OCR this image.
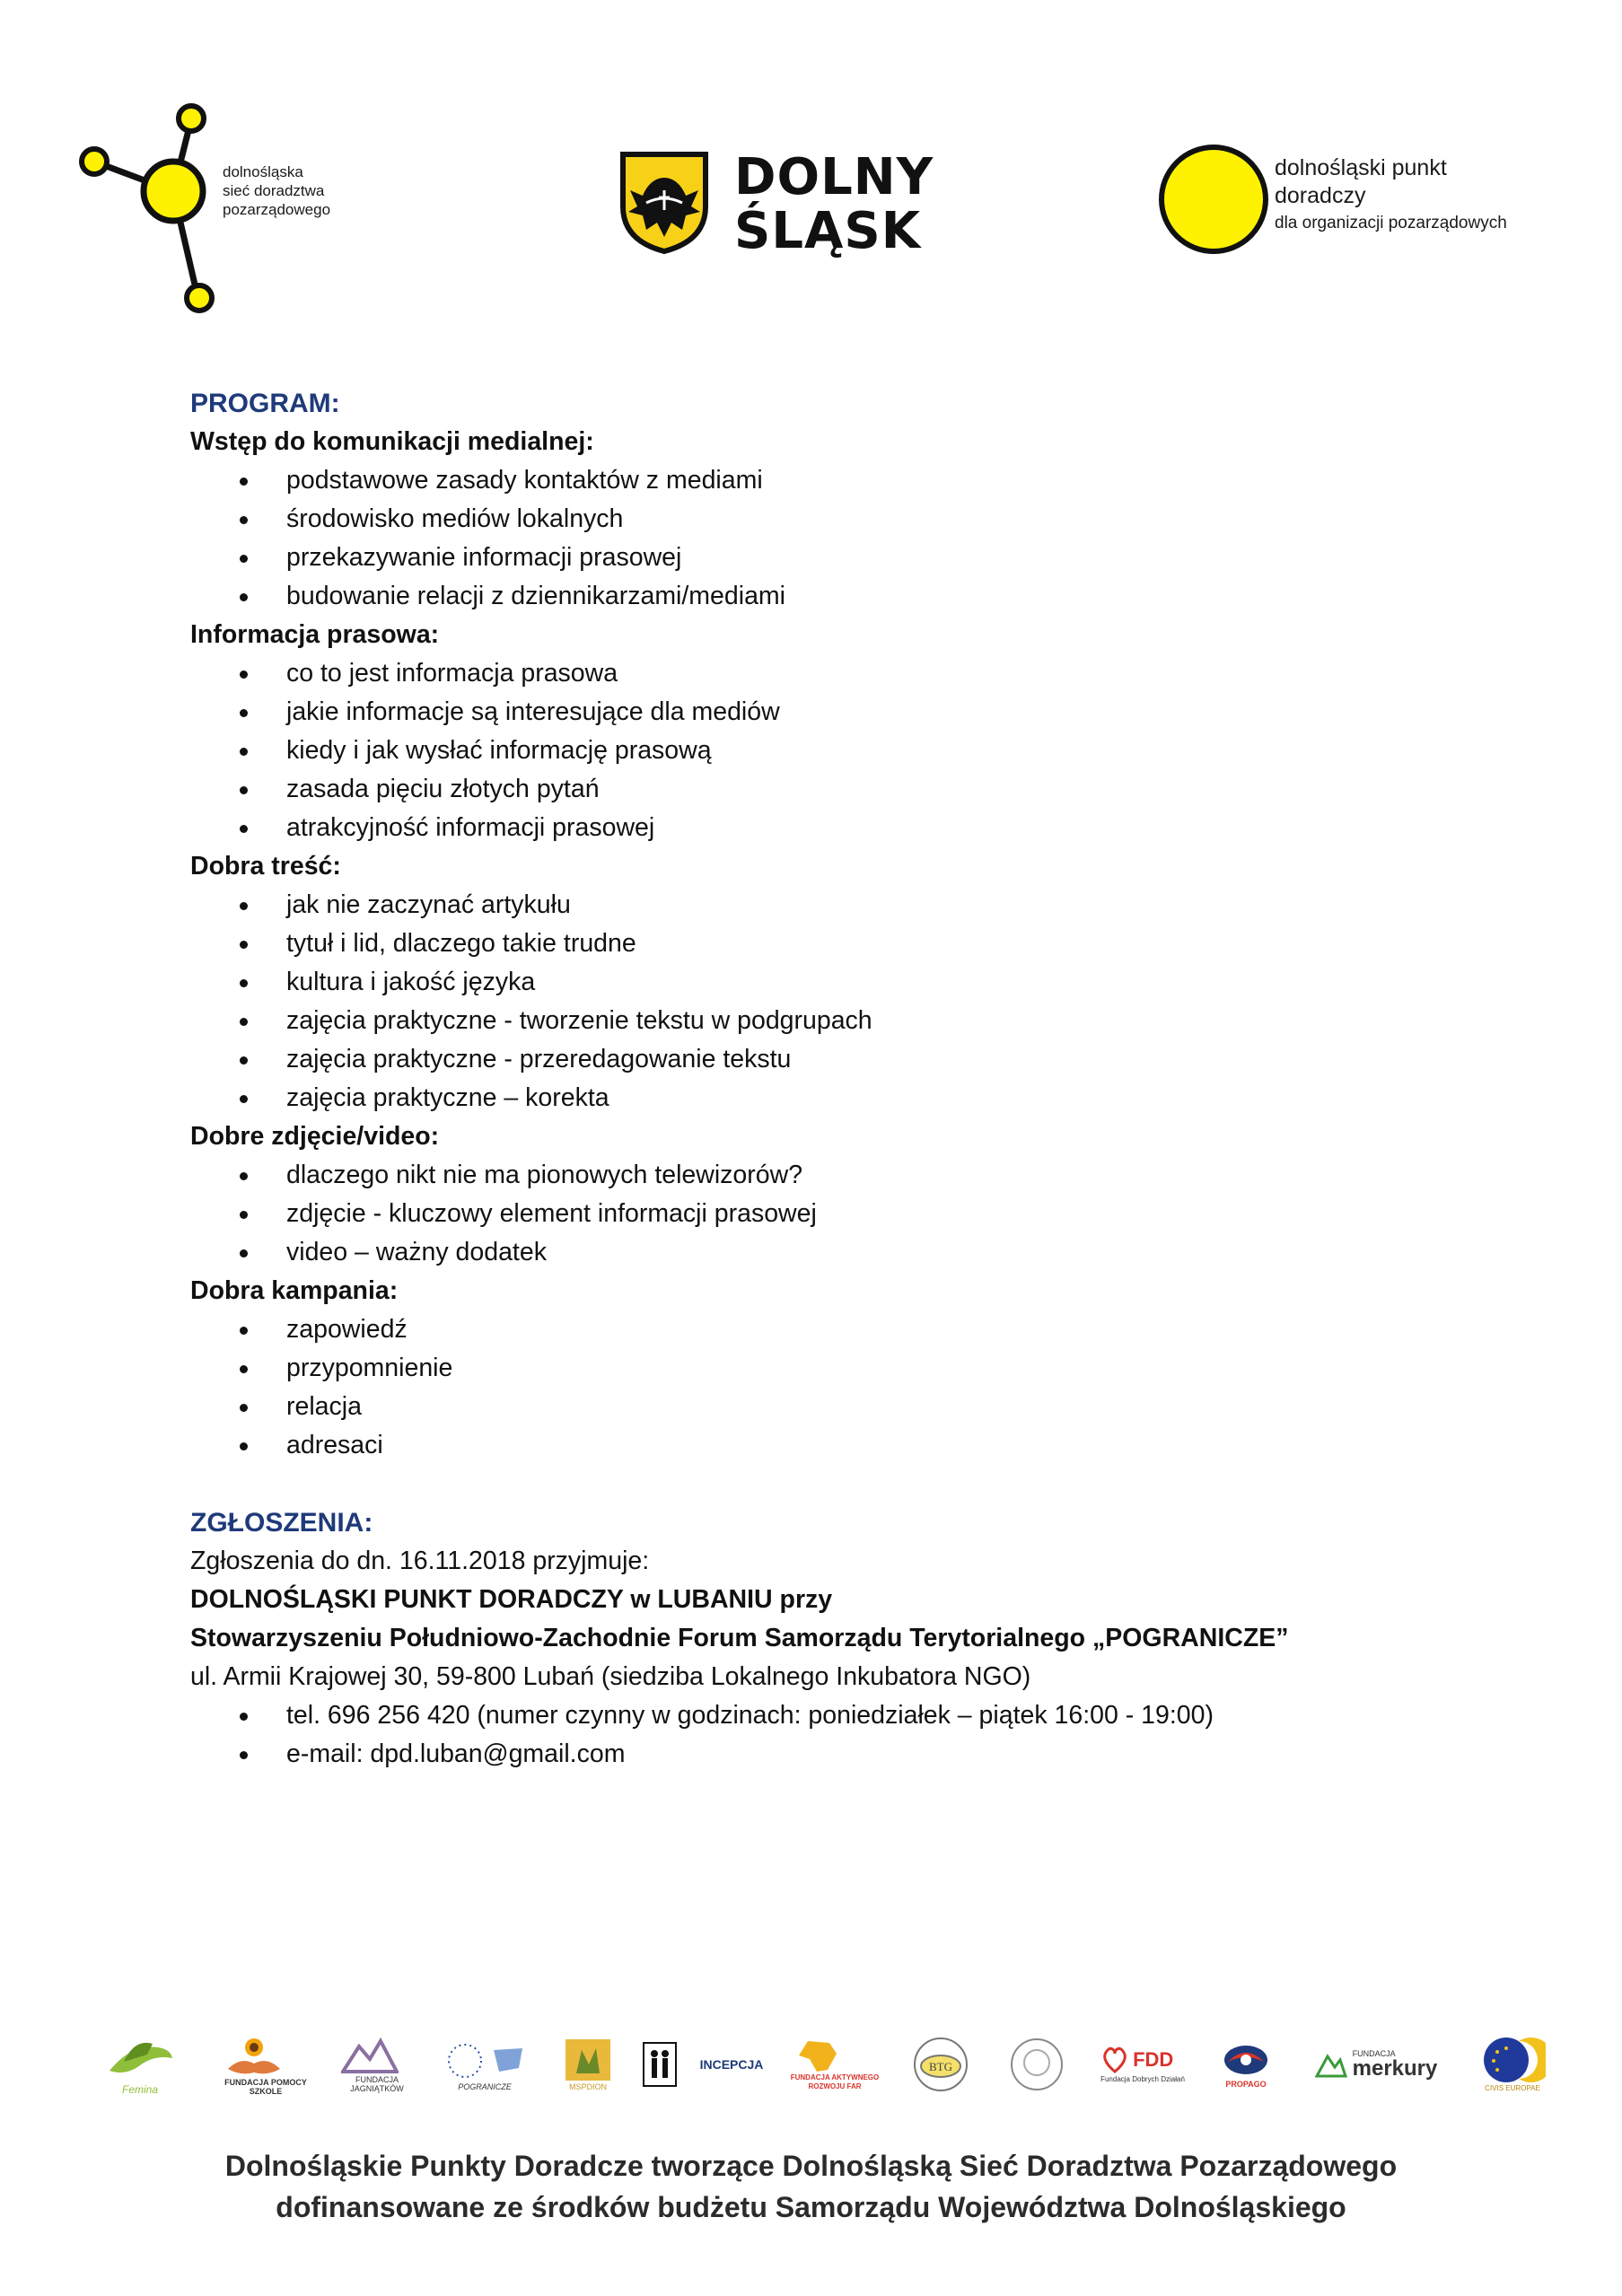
dolnośląska
sieć doradztwa
pozarządowego
DOLNY
ŚLĄSK
dolnośląski punkt
doradczy
dla organizacji pozarządowych
PROGRAM:
Wstęp do komunikacji medialnej:
podstawowe zasady kontaktów z mediami
środowisko mediów lokalnych
przekazywanie informacji prasowej
budowanie relacji z dziennikarzami/mediami
Informacja prasowa:
co to jest informacja prasowa
jakie informacje są interesujące dla mediów
kiedy i jak wysłać informację prasową
zasada pięciu złotych pytań
atrakcyjność informacji prasowej
Dobra treść:
jak nie zaczynać artykułu
tytuł i lid, dlaczego takie trudne
kultura i jakość języka
zajęcia praktyczne - tworzenie tekstu w podgrupach
zajęcia praktyczne - przeredagowanie tekstu
zajęcia praktyczne – korekta
Dobre zdjęcie/video:
dlaczego nikt nie ma pionowych telewizorów?
zdjęcie - kluczowy element informacji prasowej
video – ważny dodatek
Dobra kampania:
zapowiedź
przypomnienie
relacja
adresaci
ZGŁOSZENIA:
Zgłoszenia do dn. 16.11.2018 przyjmuje:
DOLNOŚLĄSKI PUNKT DORADCZY w LUBANIU przy
Stowarzyszeniu Południowo-Zachodnie Forum Samorządu Terytorialnego „POGRANICZE”
ul. Armii Krajowej 30, 59-800 Lubań (siedziba Lokalnego Inkubatora NGO)
tel. 696 256 420 (numer czynny w godzinach: poniedziałek – piątek 16:00 - 19:00)
e-mail: dpd.luban@gmail.com
Femina
FUNDACJA POMOCY SZKOLE
FUNDACJA JAGNIĄTKÓW	POGRANICZE	MSPDION
INCEPCJA
FUNDACJA AKTYWNEGO ROZWOJU FAR
BTG	FDD
Fundacja Dobrych Działań
PROPAGO
FUNDACJA
merkury
CIVIS EUROPAE
Dolnośląskie Punkty Doradcze tworzące Dolnośląską Sieć Doradztwa Pozarządowego
dofinansowane ze środków budżetu Samorządu Województwa Dolnośląskiego
